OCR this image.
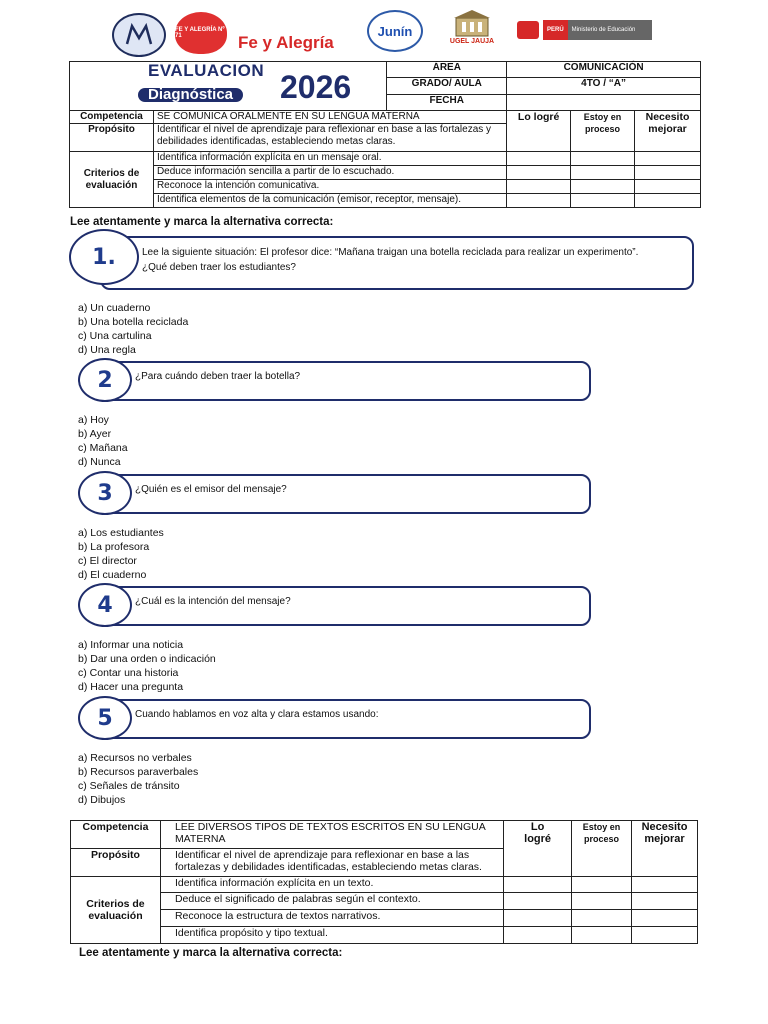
FE Y ALEGRÍA Nº 71	Fe y Alegría
Junín
UGEL JAUJA
PERÚ	Ministerio de Educación
EVALUACION
Diagnóstica 2026		ÁREA	COMUNICACIÓN		
		GRADO/ AULA	4TO / “A”		
		FECHA			
Competencia	SE COMUNICA ORALMENTE EN SU LENGUA MATERNA		Lo logré	Estoy en proceso	Necesito mejorar
Propósito	Identificar el nivel de aprendizaje para reflexionar en base a las fortalezas y debilidades identificadas, estableciendo metas claras.				
Criterios de evaluación	Identifica información explícita en un mensaje oral.				
	Deduce información sencilla a partir de lo escuchado.				
	Reconoce la intención comunicativa.				
	Identifica elementos de la comunicación (emisor, receptor, mensaje).				
Lee atentamente y marca la alternativa correcta:
Lee la siguiente situación: El profesor dice: “Mañana traigan una botella reciclada para realizar un experimento”.
¿Qué deben traer los estudiantes?
1.
a) Un cuaderno
b) Una botella reciclada
c) Una cartulina
d) Una regla
¿Para cuándo deben traer la botella?
2
a) Hoy
b) Ayer
c) Mañana
d) Nunca
¿Quién es el emisor del mensaje?
3
a) Los estudiantes
b) La profesora
c) El director
d) El cuaderno
¿Cuál es la intención del mensaje?
4
a) Informar una noticia
b) Dar una orden o indicación
c) Contar una historia
d) Hacer una pregunta
Cuando hablamos en voz alta y clara estamos usando:
5
a) Recursos no verbales
b) Recursos paraverbales
c) Señales de tránsito
d) Dibujos
Competencia	LEE DIVERSOS TIPOS DE TEXTOS ESCRITOS EN SU LENGUA MATERNA	Lo logré	Estoy en proceso	Necesito mejorar
Propósito	Identificar el nivel de aprendizaje para reflexionar en base a las fortalezas y debilidades identificadas, estableciendo metas claras.			
Criterios de evaluación	Identifica información explícita en un texto.			
	Deduce el significado de palabras según el contexto.			
	Reconoce la estructura de textos narrativos.			
	Identifica propósito y tipo textual.			
Lee atentamente y marca la alternativa correcta:
